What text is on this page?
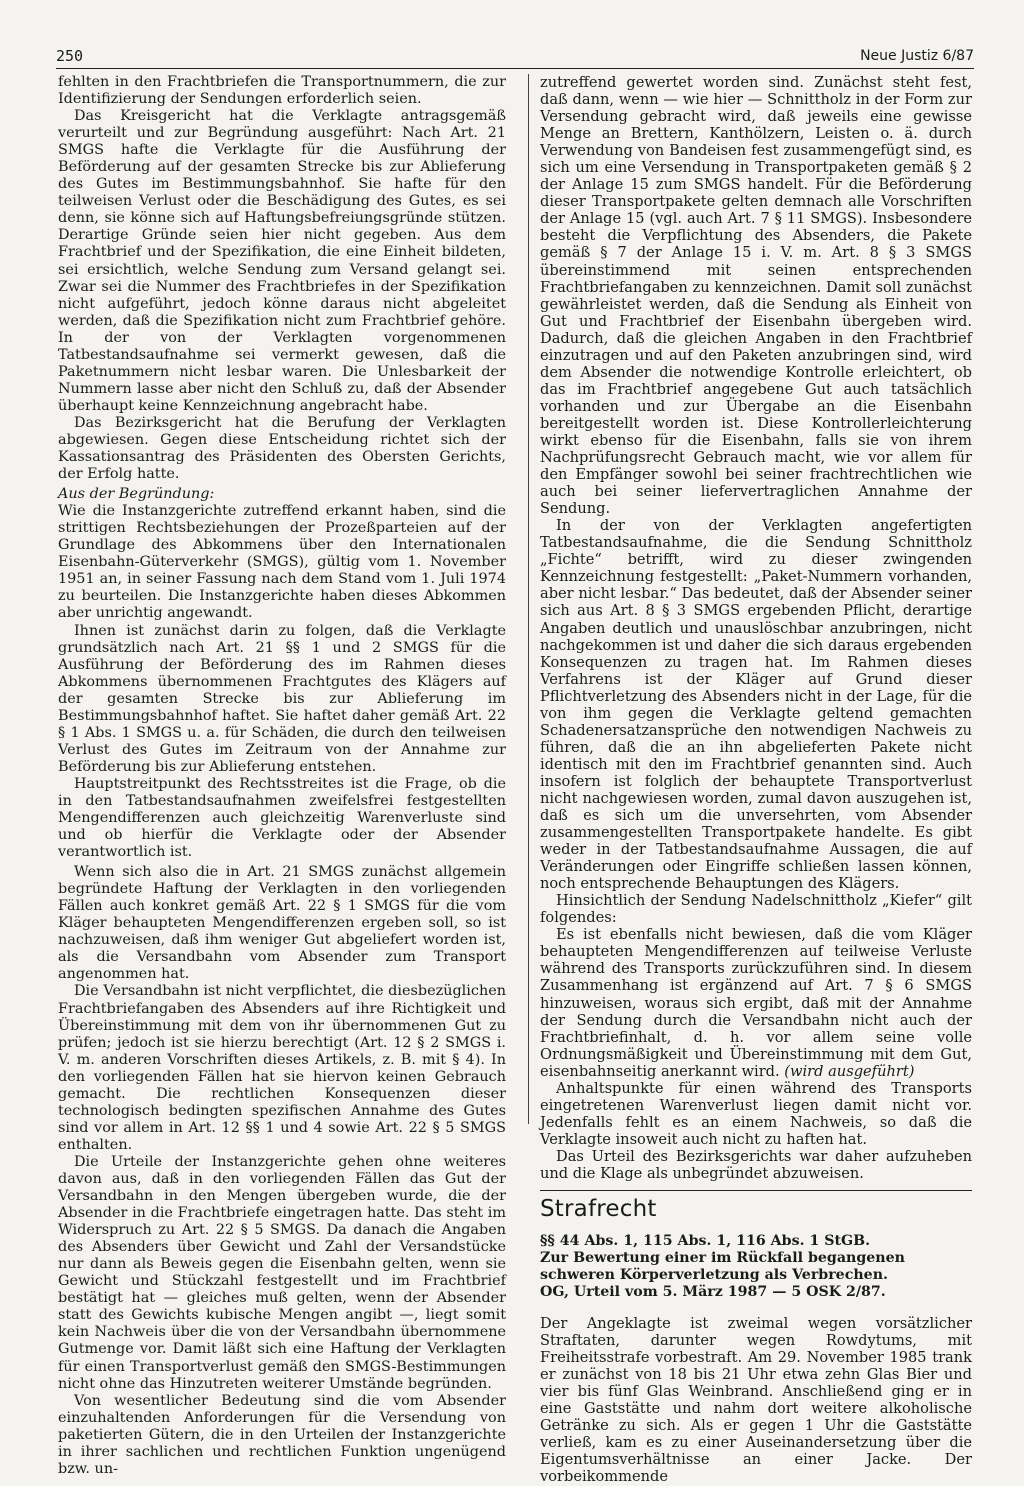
250	Neue Justiz 6/87

fehlten in den Frachtbriefen die Transportnummern, die zur Identifizierung der Sendungen erforderlich seien.

Das Kreisgericht hat die Verklagte antragsgemäß verurteilt und zur Begründung ausgeführt: Nach Art. 21 SMGS hafte die Verklagte für die Ausführung der Beförderung auf der gesamten Strecke bis zur Ablieferung des Gutes im Bestimmungsbahnhof. Sie hafte für den teilweisen Verlust oder die Beschädigung des Gutes, es sei denn, sie könne sich auf Haftungsbefreiungsgründe stützen. Derartige Gründe seien hier nicht gegeben. Aus dem Frachtbrief und der Spezifikation, die eine Einheit bildeten, sei ersichtlich, welche Sendung zum Versand gelangt sei. Zwar sei die Nummer des Frachtbriefes in der Spezifikation nicht aufgeführt, jedoch könne daraus nicht abgeleitet werden, daß die Spezifikation nicht zum Frachtbrief gehöre. In der von der Verklagten vorgenommenen Tatbestandsaufnahme sei vermerkt gewesen, daß die Paketnummern nicht lesbar waren. Die Unlesbarkeit der Nummern lasse aber nicht den Schluß zu, daß der Absender überhaupt keine Kennzeichnung angebracht habe.

Das Bezirksgericht hat die Berufung der Verklagten abgewiesen. Gegen diese Entscheidung richtet sich der Kassationsantrag des Präsidenten des Obersten Gerichts, der Erfolg hatte.

Aus der Begründung:

Wie die Instanzgerichte zutreffend erkannt haben, sind die strittigen Rechtsbeziehungen der Prozeßparteien auf der Grundlage des Abkommens über den Internationalen Eisenbahn-Güterverkehr (SMGS), gültig vom 1. November 1951 an, in seiner Fassung nach dem Stand vom 1. Juli 1974 zu beurteilen. Die Instanzgerichte haben dieses Abkommen aber unrichtig angewandt.

Ihnen ist zunächst darin zu folgen, daß die Verklagte grundsätzlich nach Art. 21 §§ 1 und 2 SMGS für die Ausführung der Beförderung des im Rahmen dieses Abkommens übernommenen Frachtgutes des Klägers auf der gesamten Strecke bis zur Ablieferung im Bestimmungsbahnhof haftet. Sie haftet daher gemäß Art. 22 § 1 Abs. 1 SMGS u. a. für Schäden, die durch den teilweisen Verlust des Gutes im Zeitraum von der Annahme zur Beförderung bis zur Ablieferung entstehen.

Hauptstreitpunkt des Rechtsstreites ist die Frage, ob die in den Tatbestandsaufnahmen zweifelsfrei festgestellten Mengendifferenzen auch gleichzeitig Warenverluste sind und ob hierfür die Verklagte oder der Absender verantwortlich ist.

Wenn sich also die in Art. 21 SMGS zunächst allgemein begründete Haftung der Verklagten in den vorliegenden Fällen auch konkret gemäß Art. 22 § 1 SMGS für die vom Kläger behaupteten Mengendifferenzen ergeben soll, so ist nachzuweisen, daß ihm weniger Gut abgeliefert worden ist, als die Versandbahn vom Absender zum Transport angenommen hat.

Die Versandbahn ist nicht verpflichtet, die diesbezüglichen Frachtbriefangaben des Absenders auf ihre Richtigkeit und Übereinstimmung mit dem von ihr übernommenen Gut zu prüfen; jedoch ist sie hierzu berechtigt (Art. 12 § 2 SMGS i. V. m. anderen Vorschriften dieses Artikels, z. B. mit § 4). In den vorliegenden Fällen hat sie hiervon keinen Gebrauch gemacht. Die rechtlichen Konsequenzen dieser technologisch bedingten spezifischen Annahme des Gutes sind vor allem in Art. 12 §§ 1 und 4 sowie Art. 22 § 5 SMGS enthalten.

Die Urteile der Instanzgerichte gehen ohne weiteres davon aus, daß in den vorliegenden Fällen das Gut der Versandbahn in den Mengen übergeben wurde, die der Absender in die Frachtbriefe eingetragen hatte. Das steht im Widerspruch zu Art. 22 § 5 SMGS. Da danach die Angaben des Absenders über Gewicht und Zahl der Versandstücke nur dann als Beweis gegen die Eisenbahn gelten, wenn sie Gewicht und Stückzahl festgestellt und im Frachtbrief bestätigt hat — gleiches muß gelten, wenn der Absender statt des Gewichts kubische Mengen angibt —, liegt somit kein Nachweis über die von der Versandbahn übernommene Gutmenge vor. Damit läßt sich eine Haftung der Verklagten für einen Transportverlust gemäß den SMGS-Bestimmungen nicht ohne das Hinzutreten weiterer Umstände begründen.

Von wesentlicher Bedeutung sind die vom Absender einzuhaltenden Anforderungen für die Versendung von paketierten Gütern, die in den Urteilen der Instanzgerichte in ihrer sachlichen und rechtlichen Funktion ungenügend bzw. un-

zutreffend gewertet worden sind. Zunächst steht fest, daß dann, wenn — wie hier — Schnittholz in der Form zur Versendung gebracht wird, daß jeweils eine gewisse Menge an Brettern, Kanthölzern, Leisten o. ä. durch Verwendung von Bandeisen fest zusammengefügt sind, es sich um eine Versendung in Transportpaketen gemäß § 2 der Anlage 15 zum SMGS handelt. Für die Beförderung dieser Transportpakete gelten demnach alle Vorschriften der Anlage 15 (vgl. auch Art. 7 § 11 SMGS). Insbesondere besteht die Verpflichtung des Absenders, die Pakete gemäß § 7 der Anlage 15 i. V. m. Art. 8 § 3 SMGS übereinstimmend mit seinen entsprechenden Frachtbriefangaben zu kennzeichnen. Damit soll zunächst gewährleistet werden, daß die Sendung als Einheit von Gut und Frachtbrief der Eisenbahn übergeben wird. Dadurch, daß die gleichen Angaben in den Frachtbrief einzutragen und auf den Paketen anzubringen sind, wird dem Absender die notwendige Kontrolle erleichtert, ob das im Frachtbrief angegebene Gut auch tatsächlich vorhanden und zur Übergabe an die Eisenbahn bereitgestellt worden ist. Diese Kontrollerleichterung wirkt ebenso für die Eisenbahn, falls sie von ihrem Nachprüfungsrecht Gebrauch macht, wie vor allem für den Empfänger sowohl bei seiner frachtrechtlichen wie auch bei seiner liefervertraglichen Annahme der Sendung.

In der von der Verklagten angefertigten Tatbestandsaufnahme, die die Sendung Schnittholz „Fichte“ betrifft, wird zu dieser zwingenden Kennzeichnung festgestellt: „Paket-Nummern vorhanden, aber nicht lesbar.“ Das bedeutet, daß der Absender seiner sich aus Art. 8 § 3 SMGS ergebenden Pflicht, derartige Angaben deutlich und unauslöschbar anzubringen, nicht nachgekommen ist und daher die sich daraus ergebenden Konsequenzen zu tragen hat. Im Rahmen dieses Verfahrens ist der Kläger auf Grund dieser Pflichtverletzung des Absenders nicht in der Lage, für die von ihm gegen die Verklagte geltend gemachten Schadenersatzansprüche den notwendigen Nachweis zu führen, daß die an ihn abgelieferten Pakete nicht identisch mit den im Frachtbrief genannten sind. Auch insofern ist folglich der behauptete Transportverlust nicht nachgewiesen worden, zumal davon auszugehen ist, daß es sich um die unversehrten, vom Absender zusammengestellten Transportpakete handelte. Es gibt weder in der Tatbestandsaufnahme Aussagen, die auf Veränderungen oder Eingriffe schließen lassen können, noch entsprechende Behauptungen des Klägers.

Hinsichtlich der Sendung Nadelschnittholz „Kiefer“ gilt folgendes:

Es ist ebenfalls nicht bewiesen, daß die vom Kläger behaupteten Mengendifferenzen auf teilweise Verluste während des Transports zurückzuführen sind. In diesem Zusammenhang ist ergänzend auf Art. 7 § 6 SMGS hinzuweisen, woraus sich ergibt, daß mit der Annahme der Sendung durch die Versandbahn nicht auch der Frachtbriefinhalt, d. h. vor allem seine volle Ordnungsmäßigkeit und Übereinstimmung mit dem Gut, eisenbahnseitig anerkannt wird. (wird ausgeführt)

Anhaltspunkte für einen während des Transports eingetretenen Warenverlust liegen damit nicht vor. Jedenfalls fehlt es an einem Nachweis, so daß die Verklagte insoweit auch nicht zu haften hat.

Das Urteil des Bezirksgerichts war daher aufzuheben und die Klage als unbegründet abzuweisen.

Strafrecht

§§ 44 Abs. 1, 115 Abs. 1, 116 Abs. 1 StGB.

Zur Bewertung einer im Rückfall begangenen schweren Körperverletzung als Verbrechen.

OG, Urteil vom 5. März 1987 — 5 OSK 2/87.

Der Angeklagte ist zweimal wegen vorsätzlicher Straftaten, darunter wegen Rowdytums, mit Freiheitsstrafe vorbestraft. Am 29. November 1985 trank er zunächst von 18 bis 21 Uhr etwa zehn Glas Bier und vier bis fünf Glas Weinbrand. Anschließend ging er in eine Gaststätte und nahm dort weitere alkoholische Getränke zu sich. Als er gegen 1 Uhr die Gaststätte verließ, kam es zu einer Auseinandersetzung über die Eigentumsverhältnisse an einer Jacke. Der vorbeikommende
